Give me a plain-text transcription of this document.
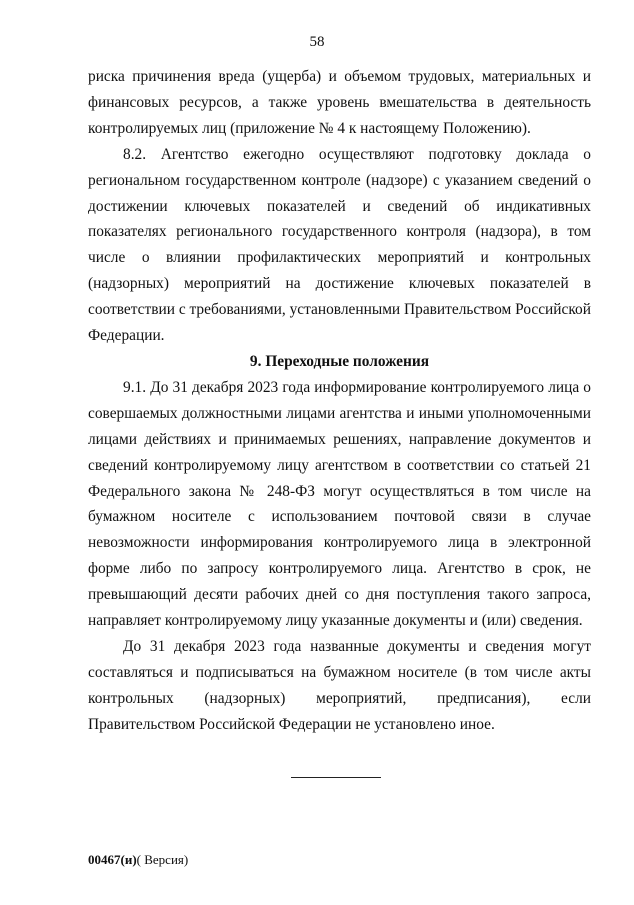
58

риска причинения вреда (ущерба) и объемом трудовых, материальных и финансовых ресурсов, а также уровень вмешательства в деятельность контролируемых лиц (приложение № 4 к настоящему Положению).

8.2. Агентство ежегодно осуществляют подготовку доклада о региональном государственном контроле (надзоре) с указанием сведений о достижении ключевых показателей и сведений об индикативных показателях регионального государственного контроля (надзора), в том числе о влиянии профилактических мероприятий и контрольных (надзорных) мероприятий на достижение ключевых показателей в соответствии с требованиями, установленными Правительством Российской Федерации.

9. Переходные положения

9.1. До 31 декабря 2023 года информирование контролируемого лица о совершаемых должностными лицами агентства и иными уполномоченными лицами действиях и принимаемых решениях, направление документов и сведений контролируемому лицу агентством в соответствии со статьей 21 Федерального закона № 248-ФЗ могут осуществляться в том числе на бумажном носителе с использованием почтовой связи в случае невозможности информирования контролируемого лица в электронной форме либо по запросу контролируемого лица. Агентство в срок, не превышающий десяти рабочих дней со дня поступления такого запроса, направляет контролируемому лицу указанные документы и (или) сведения.

До 31 декабря 2023 года названные документы и сведения могут составляться и подписываться на бумажном носителе (в том числе акты контрольных (надзорных) мероприятий, предписания), если Правительством Российской Федерации не установлено иное.

00467(и)( Версия)
